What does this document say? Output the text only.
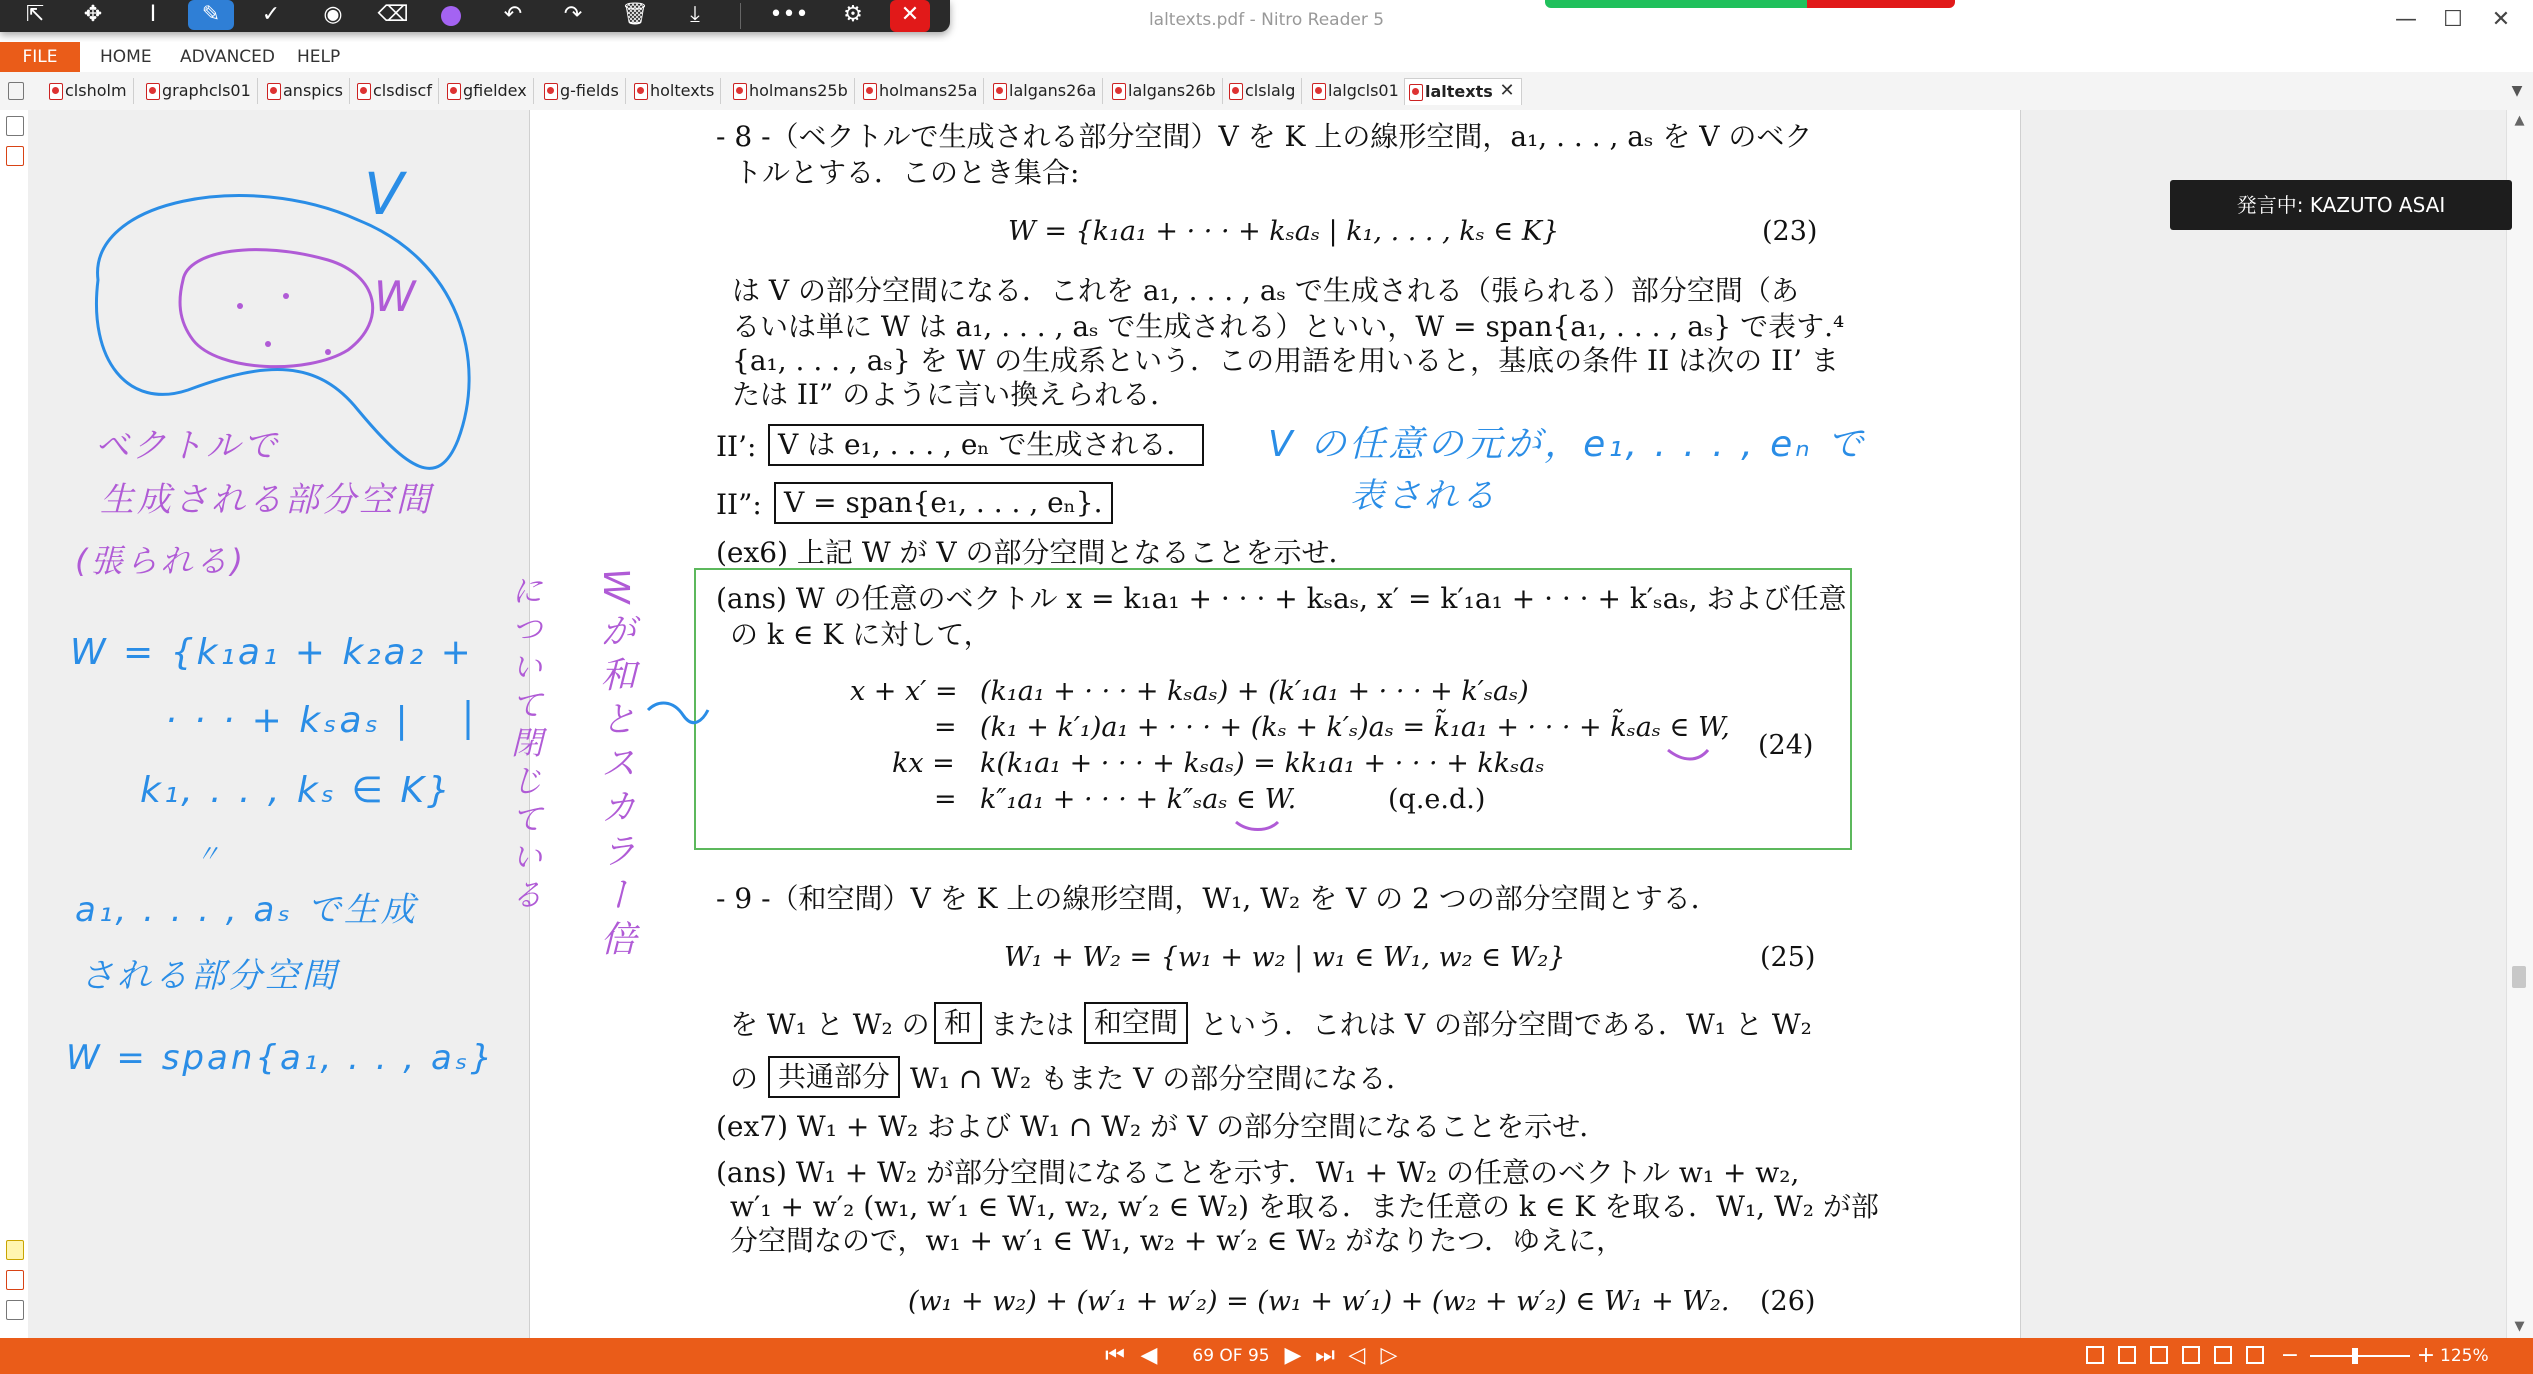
laltexts.pdf - Nitro Reader 5	—	☐	✕
⇱	✥	I	✎	✓	◉	⌫	↶	↷	🗑	⤓	•••	⚙	✕
FILE	HOME ADVANCED HELP
clsholm	graphcls01	anspics	clsdiscf	gfieldex	g-fields	holtexts	holmans25b	holmans25a	lalgans26a	lalgans26b	clslalg	lalgcls01	laltexts ✕	▼
▲
▼
- 8 -（ベクトルで生成される部分空間）V を K 上の線形空間，a₁, . . . , aₛ を V のベク
トルとする．このとき集合:
W = {k₁a₁ + · · · + kₛaₛ | k₁, . . . , kₛ ∈ K}	(23)
は V の部分空間になる．これを a₁, . . . , aₛ で生成される（張られる）部分空間（あ
るいは単に W は a₁, . . . , aₛ で生成される）といい，W = span{a₁, . . . , aₛ} で表す.⁴
{a₁, . . . , aₛ} を W の生成系という．この用語を用いると，基底の条件 II は次の II’ ま
たは II” のように言い換えられる．
II’: V は e₁, . . . , eₙ で生成される．
II”: V = span{e₁, . . . , eₙ}.
(ex6) 上記 W が V の部分空間となることを示せ．
(ans) W の任意のベクトル x = k₁a₁ + · · · + kₛaₛ, x′ = k′₁a₁ + · · · + k′ₛaₛ, および任意
の k ∈ K に対して，
x + x′ = (k₁a₁ + · · · + kₛaₛ) + (k′₁a₁ + · · · + k′ₛaₛ)
= (k₁ + k′₁)a₁ + · · · + (kₛ + k′ₛ)aₛ = k̃₁a₁ + · · · + k̃ₛaₛ ∈ W,
kx = k(k₁a₁ + · · · + kₛaₛ) = kk₁a₁ + · · · + kkₛaₛ
= k″₁a₁ + · · · + k″ₛaₛ ∈ W.	(q.e.d.)
(24)
- 9 -（和空間）V を K 上の線形空間，W₁, W₂ を V の 2 つの部分空間とする．
W₁ + W₂ = {w₁ + w₂ | w₁ ∈ W₁, w₂ ∈ W₂}	(25)
を W₁ と W₂ の 和 または 和空間 という．これは V の部分空間である．W₁ と W₂
の 共通部分 W₁ ∩ W₂ もまた V の部分空間になる．
(ex7) W₁ + W₂ および W₁ ∩ W₂ が V の部分空間になることを示せ．
(ans) W₁ + W₂ が部分空間になることを示す．W₁ + W₂ の任意のベクトル w₁ + w₂,
w′₁ + w′₂ (w₁, w′₁ ∈ W₁, w₂, w′₂ ∈ W₂) を取る．また任意の k ∈ K を取る．W₁, W₂ が部
分空間なので，w₁ + w′₁ ∈ W₁, w₂ + w′₂ ∈ W₂ がなりたつ．ゆえに，
(w₁ + w₂) + (w′₁ + w′₂) = (w₁ + w′₁) + (w₂ + w′₂) ∈ W₁ + W₂. (26)
V
W
ベクトルで
生成される部分空間
(張られる)
W = {k₁a₁ + k₂a₂ +
· · · + kₛaₛ |
k₁, . . , kₛ ∈ K}
〃
a₁, . . . , aₛ で生成
される部分空間
W = span{a₁, . . , aₛ}
について閉じている Wが和とスカラー倍
V の任意の元が，e₁, . . . , eₙ で
表される
発言中: KAZUTO ASAI
⏮ ◀	69 OF 95 ▶ ⏭ ◁ ▷	−	+ 125%
